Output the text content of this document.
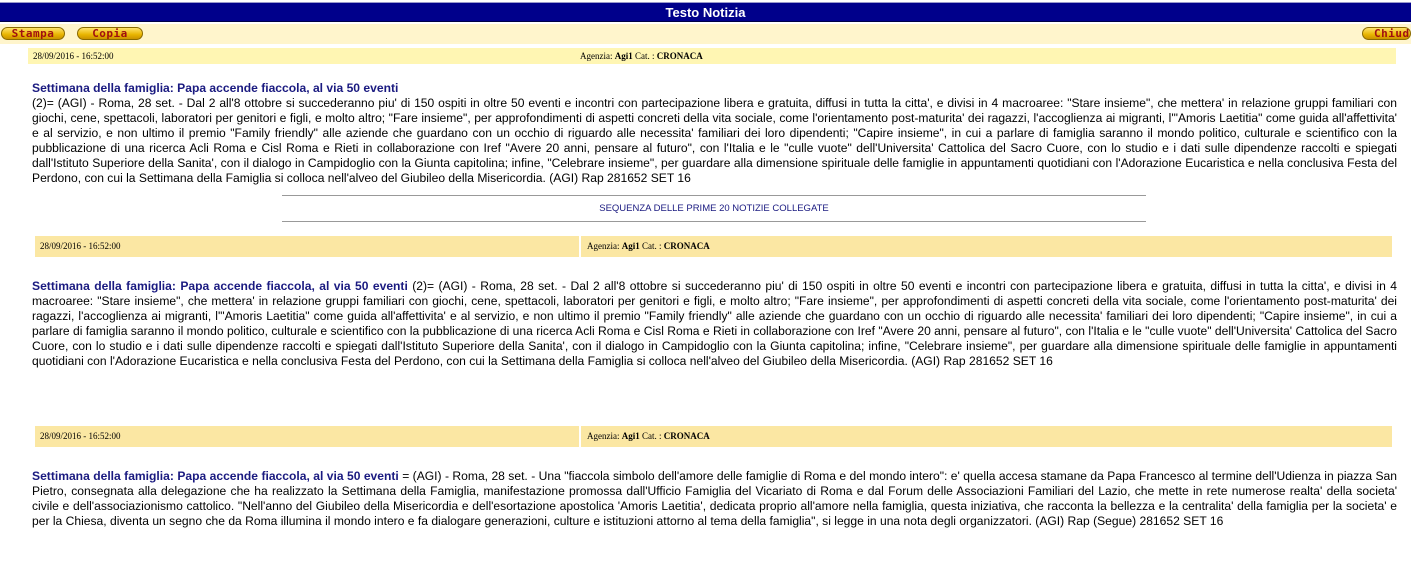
Testo Notizia
Stampa	Copia	Chiud
28/09/2016 - 16:52:00	Agenzia: Agi1 Cat. : CRONACA
Settimana della famiglia: Papa accende fiaccola, al via 50 eventi
(2)= (AGI) - Roma, 28 set. - Dal 2 all'8 ottobre si succederanno piu' di 150 ospiti in oltre 50 eventi e incontri con partecipazione libera e gratuita, diffusi in tutta la citta', e divisi in 4 macroaree: "Stare insieme", che mettera' in relazione gruppi familiari con giochi, cene, spettacoli, laboratori per genitori e figli, e molto altro; "Fare insieme", per approfondimenti di aspetti concreti della vita sociale, come l'orientamento post-maturita' dei ragazzi, l'accoglienza ai migranti, l'"Amoris Laetitia" come guida all'affettivita' e al servizio, e non ultimo il premio "Family friendly" alle aziende che guardano con un occhio di riguardo alle necessita' familiari dei loro dipendenti; "Capire insieme", in cui a parlare di famiglia saranno il mondo politico, culturale e scientifico con la pubblicazione di una ricerca Acli Roma e Cisl Roma e Rieti in collaborazione con Iref "Avere 20 anni, pensare al futuro", con l'Italia e le "culle vuote" dell'Universita' Cattolica del Sacro Cuore, con lo studio e i dati sulle dipendenze raccolti e spiegati dall'Istituto Superiore della Sanita', con il dialogo in Campidoglio con la Giunta capitolina; infine, "Celebrare insieme", per guardare alla dimensione spirituale delle famiglie in appuntamenti quotidiani con l'Adorazione Eucaristica e nella conclusiva Festa del Perdono, con cui la Settimana della Famiglia si colloca nell'alveo del Giubileo della Misericordia. (AGI) Rap 281652 SET 16
SEQUENZA DELLE PRIME 20 NOTIZIE COLLEGATE
28/09/2016 - 16:52:00	Agenzia: Agi1 Cat. : CRONACA
Settimana della famiglia: Papa accende fiaccola, al via 50 eventi (2)= (AGI) - Roma, 28 set. - Dal 2 all'8 ottobre si succederanno piu' di 150 ospiti in oltre 50 eventi e incontri con partecipazione libera e gratuita, diffusi in tutta la citta', e divisi in 4 macroaree: "Stare insieme", che mettera' in relazione gruppi familiari con giochi, cene, spettacoli, laboratori per genitori e figli, e molto altro; "Fare insieme", per approfondimenti di aspetti concreti della vita sociale, come l'orientamento post-maturita' dei ragazzi, l'accoglienza ai migranti, l'"Amoris Laetitia" come guida all'affettivita' e al servizio, e non ultimo il premio "Family friendly" alle aziende che guardano con un occhio di riguardo alle necessita' familiari dei loro dipendenti; "Capire insieme", in cui a parlare di famiglia saranno il mondo politico, culturale e scientifico con la pubblicazione di una ricerca Acli Roma e Cisl Roma e Rieti in collaborazione con Iref "Avere 20 anni, pensare al futuro", con l'Italia e le "culle vuote" dell'Universita' Cattolica del Sacro Cuore, con lo studio e i dati sulle dipendenze raccolti e spiegati dall'Istituto Superiore della Sanita', con il dialogo in Campidoglio con la Giunta capitolina; infine, "Celebrare insieme", per guardare alla dimensione spirituale delle famiglie in appuntamenti quotidiani con l'Adorazione Eucaristica e nella conclusiva Festa del Perdono, con cui la Settimana della Famiglia si colloca nell'alveo del Giubileo della Misericordia. (AGI) Rap 281652 SET 16
28/09/2016 - 16:52:00	Agenzia: Agi1 Cat. : CRONACA
Settimana della famiglia: Papa accende fiaccola, al via 50 eventi = (AGI) - Roma, 28 set. - Una "fiaccola simbolo dell'amore delle famiglie di Roma e del mondo intero": e' quella accesa stamane da Papa Francesco al termine dell'Udienza in piazza San Pietro, consegnata alla delegazione che ha realizzato la Settimana della Famiglia, manifestazione promossa dall'Ufficio Famiglia del Vicariato di Roma e dal Forum delle Associazioni Familiari del Lazio, che mette in rete numerose realta' della societa' civile e dell'associazionismo cattolico. "Nell'anno del Giubileo della Misericordia e dell'esortazione apostolica 'Amoris Laetitia', dedicata proprio all'amore nella famiglia, questa iniziativa, che racconta la bellezza e la centralita' della famiglia per la societa' e per la Chiesa, diventa un segno che da Roma illumina il mondo intero e fa dialogare generazioni, culture e istituzioni attorno al tema della famiglia", si legge in una nota degli organizzatori. (AGI) Rap (Segue) 281652 SET 16
